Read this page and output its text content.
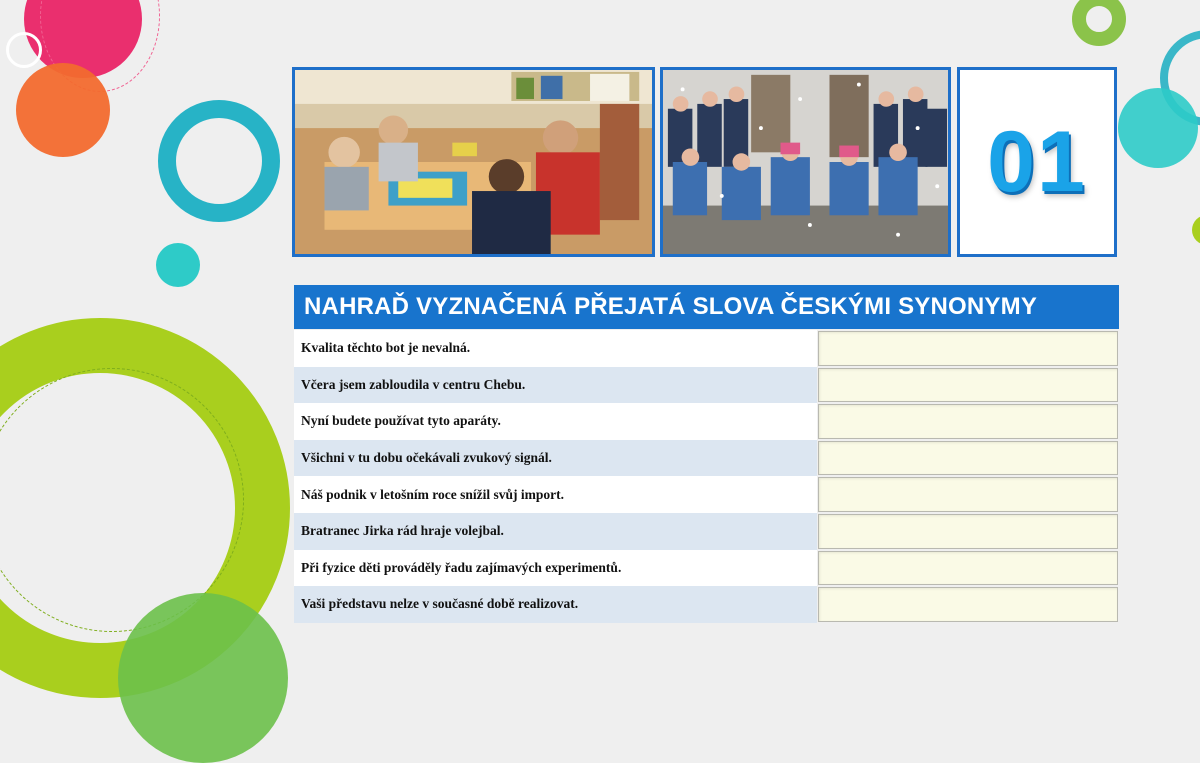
01
NAHRAĎ VYZNAČENÁ PŘEJATÁ SLOVA ČESKÝMI SYNONYMY
Kvalita těchto bot je nevalná.
Včera jsem zabloudila v centru Chebu.
Nyní budete používat tyto aparáty.
Všichni v tu dobu očekávali zvukový signál.
Náš podnik v letošním roce snížil svůj import.
Bratranec Jirka rád hraje volejbal.
Při fyzice děti prováděly řadu zajímavých experimentů.
Vaši představu nelze v současné době realizovat.
